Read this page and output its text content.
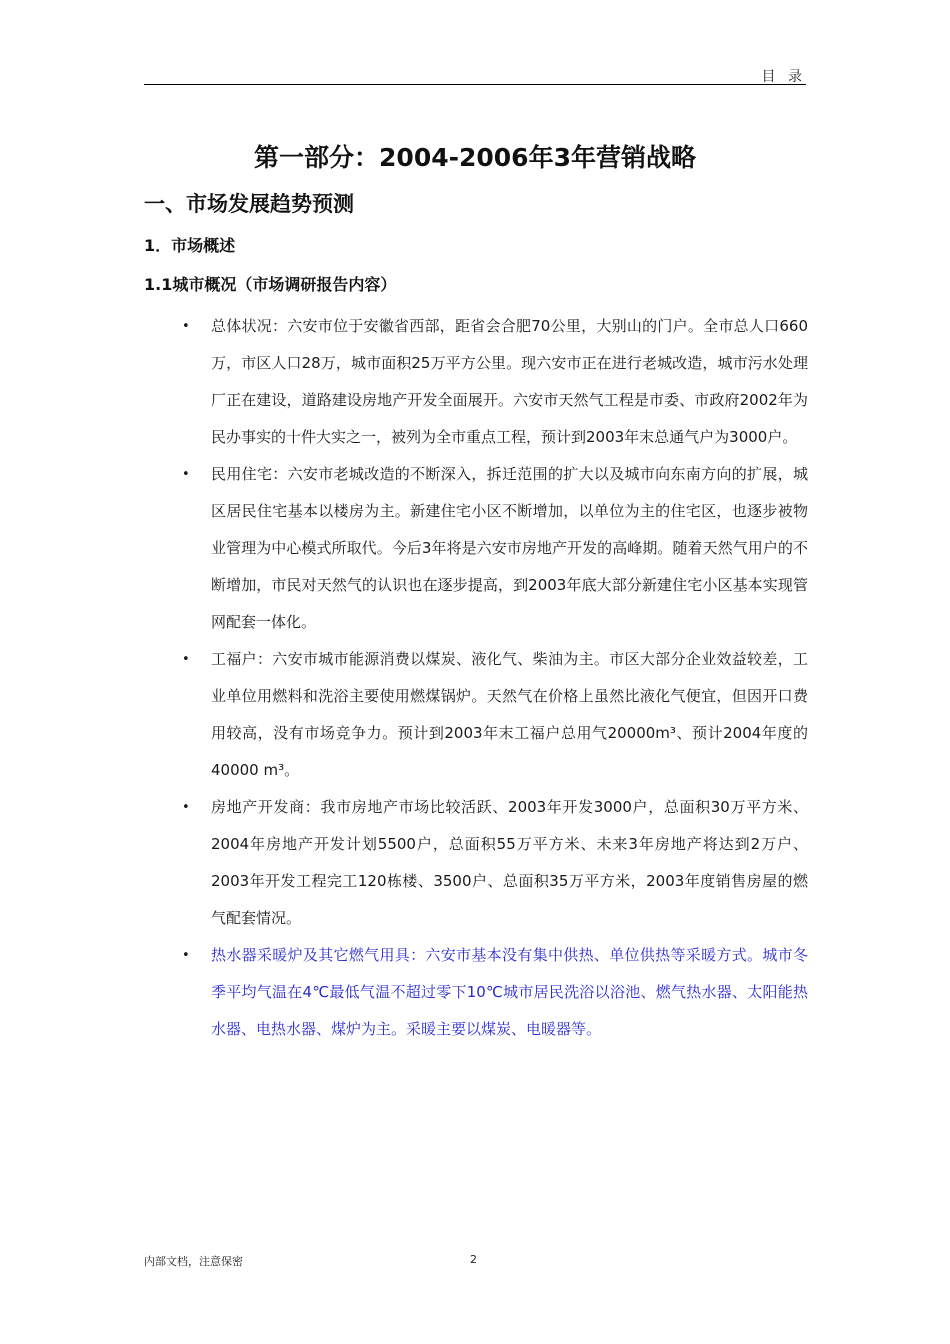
目 录
第一部分：2004-2006年3年营销战略
一、市场发展趋势预测
1．市场概述
1.1城市概况（市场调研报告内容）
• 总体状况：六安市位于安徽省西部，距省会合肥70公里，大别山的门户。全市总人口660万，市区人口28万，城市面积25万平方公里。现六安市正在进行老城改造，城市污水处理厂正在建设，道路建设房地产开发全面展开。六安市天然气工程是市委、市政府2002年为民办事实的十件大实之一，被列为全市重点工程，预计到2003年末总通气户为3000户。
• 民用住宅：六安市老城改造的不断深入，拆迁范围的扩大以及城市向东南方向的扩展，城区居民住宅基本以楼房为主。新建住宅小区不断增加，以单位为主的住宅区，也逐步被物业管理为中心模式所取代。今后3年将是六安市房地产开发的高峰期。随着天然气用户的不断增加，市民对天然气的认识也在逐步提高，到2003年底大部分新建住宅小区基本实现管网配套一体化。
• 工福户：六安市城市能源消费以煤炭、液化气、柴油为主。市区大部分企业效益较差，工业单位用燃料和洗浴主要使用燃煤锅炉。天然气在价格上虽然比液化气便宜，但因开口费用较高，没有市场竞争力。预计到2003年末工福户总用气20000m³、预计2004年度的40000 m³。
• 房地产开发商：我市房地产市场比较活跃、2003年开发3000户，总面积30万平方米、2004年房地产开发计划5500户，总面积55万平方米、未来3年房地产将达到2万户、2003年开发工程完工120栋楼、3500户、总面积35万平方米，2003年度销售房屋的燃气配套情况。
• 热水器采暖炉及其它燃气用具：六安市基本没有集中供热、单位供热等采暖方式。城市冬季平均气温在4℃最低气温不超过零下10℃城市居民洗浴以浴池、燃气热水器、太阳能热水器、电热水器、煤炉为主。采暖主要以煤炭、电暖器等。
内部文档，注意保密	2
